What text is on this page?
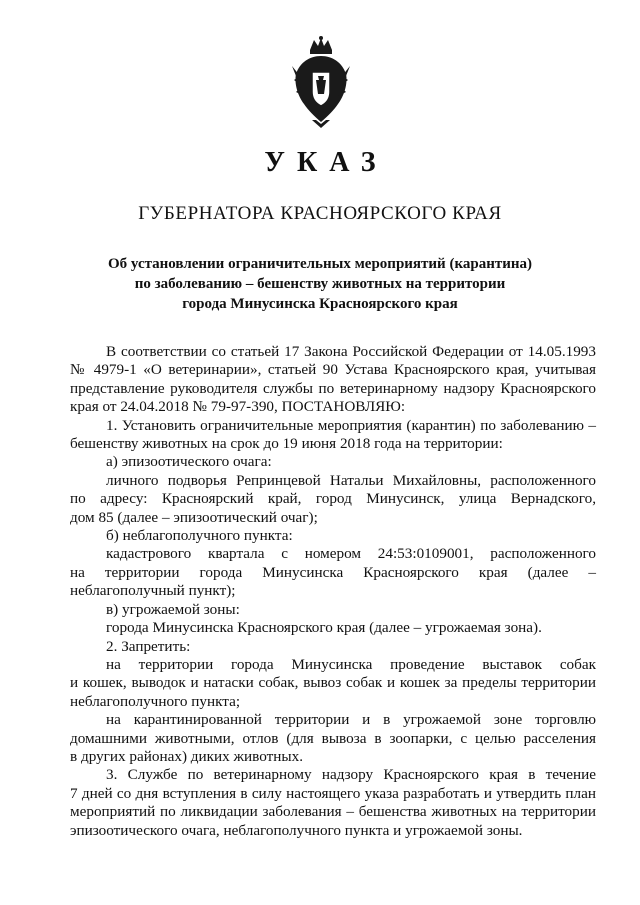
УКАЗ
ГУБЕРНАТОРА КРАСНОЯРСКОГО КРАЯ
Об установлении ограничительных мероприятий (карантина)
по заболеванию – бешенству животных на территории
города Минусинска Красноярского края

В соответствии со статьей 17 Закона Российской Федерации от 14.05.1993

№ 4979-1 «О ветеринарии», статьей 90 Устава Красноярского края, учитывая

представление руководителя службы по ветеринарному надзору Красноярского

края от 24.04.2018 № 79-97-390, ПОСТАНОВЛЯЮ:

1. Установить ограничительные мероприятия (карантин) по заболеванию –

бешенству животных на срок до 19 июня 2018 года на территории:

а) эпизоотического очага:

личного подворья Репринцевой Натальи Михайловны, расположенного

по адресу: Красноярский край, город Минусинск, улица Вернадского,

дом 85 (далее – эпизоотический очаг);

б) неблагополучного пункта:

кадастрового квартала с номером 24:53:0109001, расположенного

на территории города Минусинска Красноярского края (далее –

неблагополучный пункт);

в) угрожаемой зоны:

города Минусинска Красноярского края (далее – угрожаемая зона).

2. Запретить:

на территории города Минусинска проведение выставок собак

и кошек, выводок и натаски собак, вывоз собак и кошек за пределы территории

неблагополучного пункта;

на карантинированной территории и в угрожаемой зоне торговлю

домашними животными, отлов (для вывоза в зоопарки, с целью расселения

в других районах) диких животных.

3. Службе по ветеринарному надзору Красноярского края в течение

7 дней со дня вступления в силу настоящего указа разработать и утвердить план

мероприятий по ликвидации заболевания – бешенства животных на территории

эпизоотического очага, неблагополучного пункта и угрожаемой зоны.
